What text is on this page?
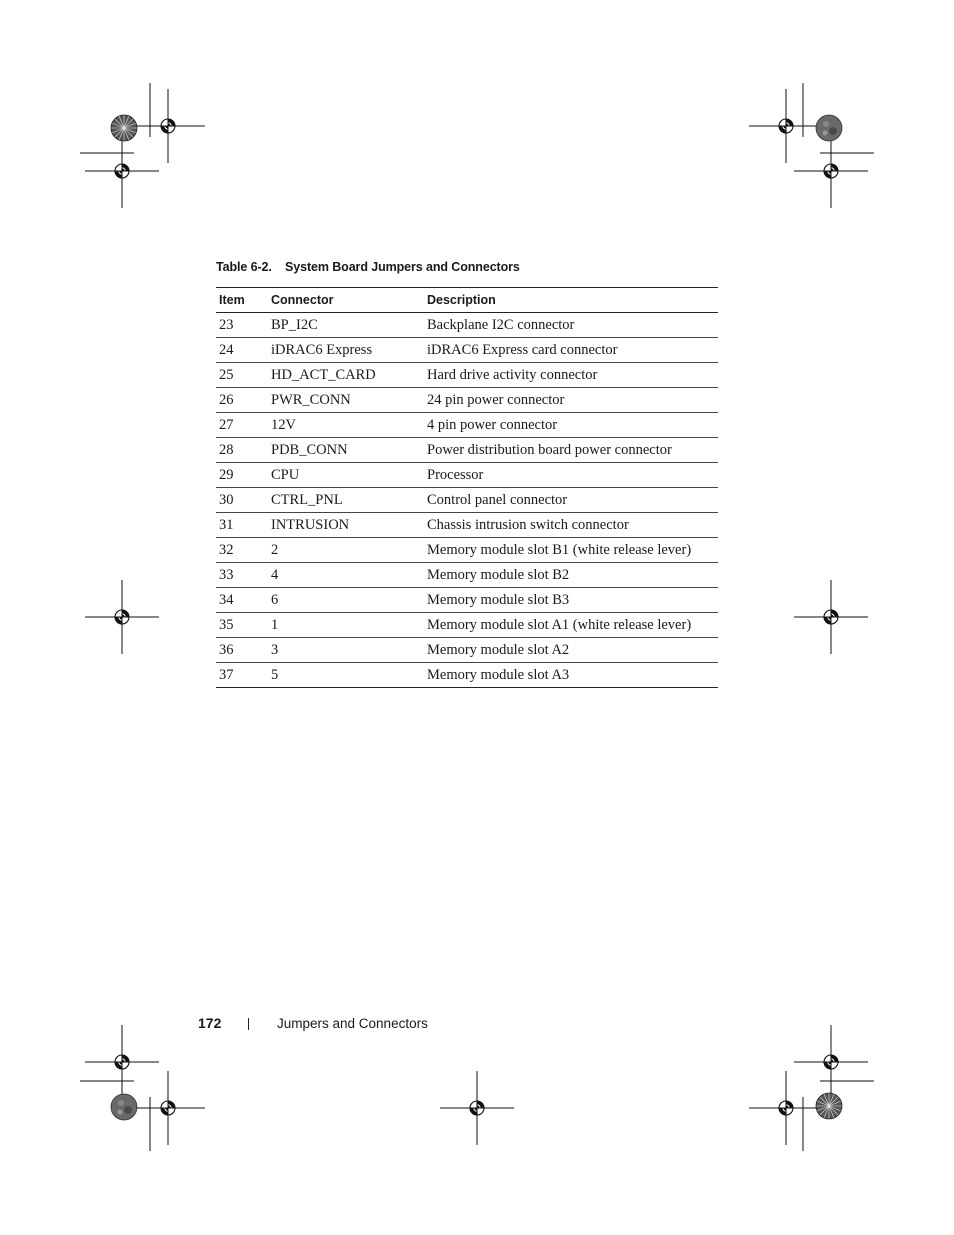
Table 6-2. System Board Jumpers and Connectors
Item	Connector	Description
23	BP_I2C	Backplane I2C connector
24	iDRAC6 Express	iDRAC6 Express card connector
25	HD_ACT_CARD	Hard drive activity connector
26	PWR_CONN	24 pin power connector
27	12V	4 pin power connector
28	PDB_CONN	Power distribution board power connector
29	CPU	Processor
30	CTRL_PNL	Control panel connector
31	INTRUSION	Chassis intrusion switch connector
32	2	Memory module slot B1 (white release lever)
33	4	Memory module slot B2
34	6	Memory module slot B3
35	1	Memory module slot A1 (white release lever)
36	3	Memory module slot A2
37	5	Memory module slot A3
172	Jumpers and Connectors
